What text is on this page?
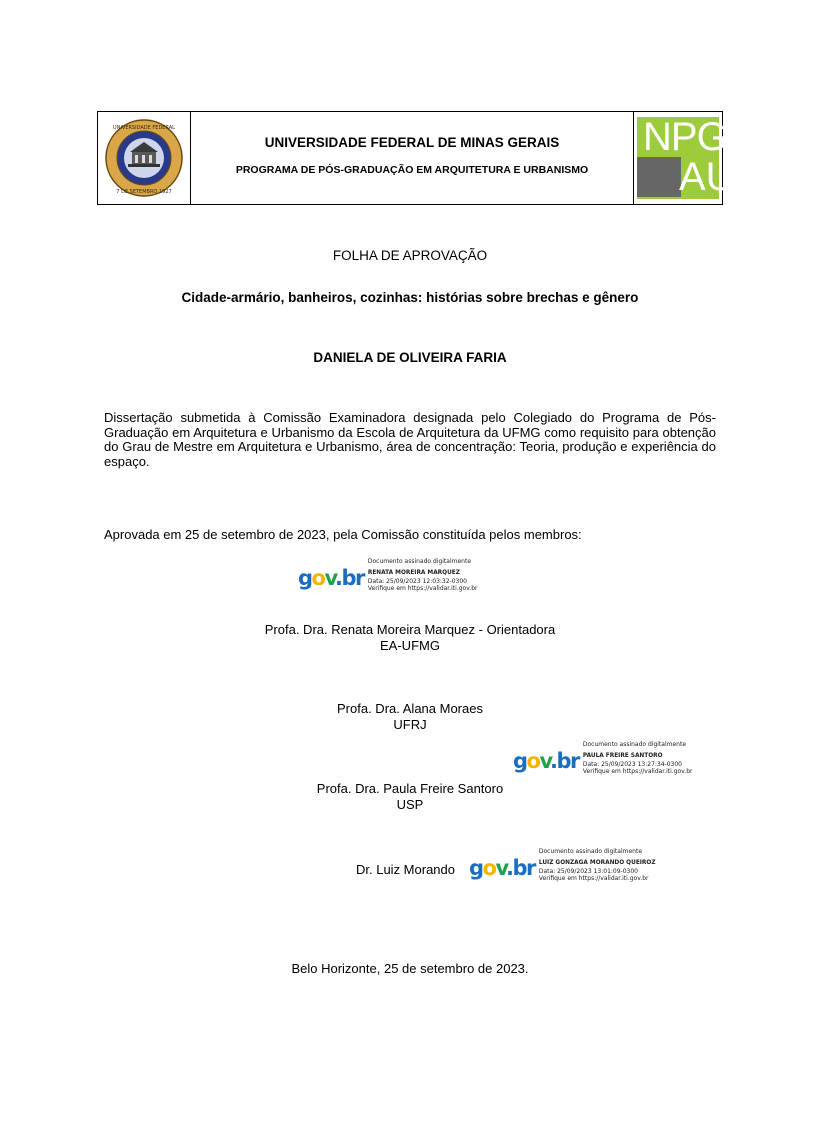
UNIVERSIDADE FEDERAL
7 DE SETEMBRO 1927
UNIVERSIDADE FEDERAL DE MINAS GERAIS
PROGRAMA DE PÓS-GRADUAÇÃO EM ARQUITETURA E URBANISMO
NPG
AU
FOLHA DE APROVAÇÃO
Cidade-armário, banheiros, cozinhas: histórias sobre brechas e gênero
DANIELA DE OLIVEIRA FARIA
Dissertação submetida à Comissão Examinadora designada pelo Colegiado do Programa de Pós-Graduação em Arquitetura e Urbanismo da Escola de Arquitetura da UFMG como requisito para obtenção do Grau de Mestre em Arquitetura e Urbanismo, área de concentração: Teoria, produção e experiência do espaço.
Aprovada em 25 de setembro de 2023, pela Comissão constituída pelos membros:
gov.br
Documento assinado digitalmente
RENATA MOREIRA MARQUEZ
Data: 25/09/2023 12:03:32-0300
Verifique em https://validar.iti.gov.br
Profa. Dra. Renata Moreira Marquez - Orientadora
EA-UFMG
Profa. Dra. Alana Moraes
UFRJ
gov.br
Documento assinado digitalmente
PAULA FREIRE SANTORO
Data: 25/09/2023 13:27:34-0300
Verifique em https://validar.iti.gov.br
Profa. Dra. Paula Freire Santoro
USP
Dr. Luiz Morando gov.br
Documento assinado digitalmente
LUIZ GONZAGA MORANDO QUEIROZ
Data: 25/09/2023 13:01:09-0300
Verifique em https://validar.iti.gov.br
Belo Horizonte, 25 de setembro de 2023.
